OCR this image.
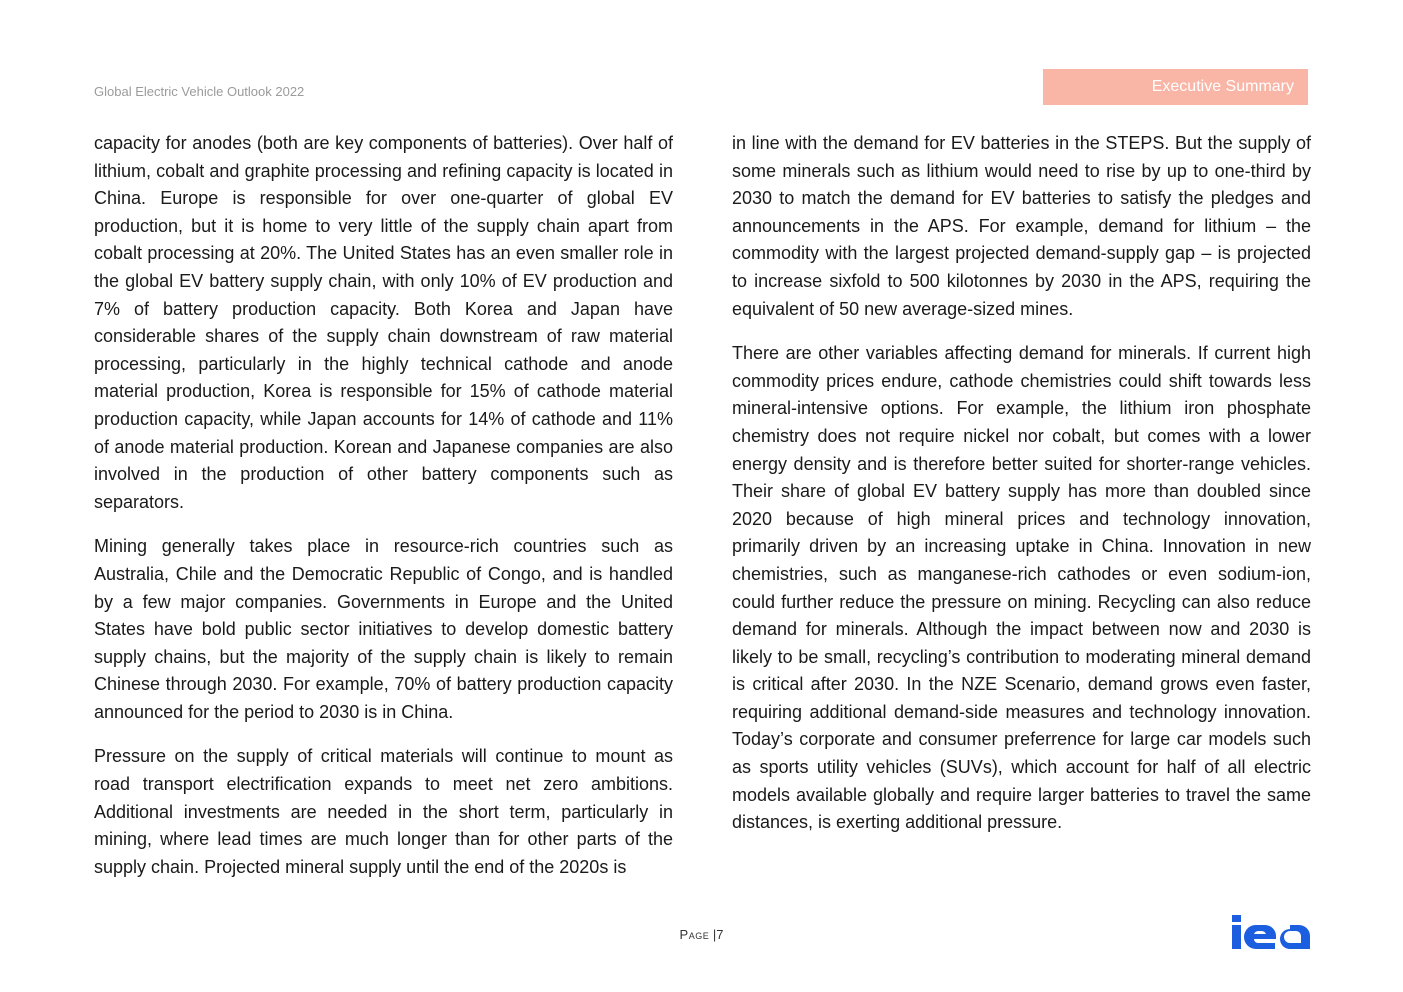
Global Electric Vehicle Outlook 2022	Executive Summary

capacity for anodes (both are key components of batteries). Over half of lithium, cobalt and graphite processing and refining capacity is located in China. Europe is responsible for over one-quarter of global EV production, but it is home to very little of the supply chain apart from cobalt processing at 20%. The United States has an even smaller role in the global EV battery supply chain, with only 10% of EV production and 7% of battery production capacity. Both Korea and Japan have considerable shares of the supply chain downstream of raw material processing, particularly in the highly technical cathode and anode material production, Korea is responsible for 15% of cathode material production capacity, while Japan accounts for 14% of cathode and 11% of anode material production. Korean and Japanese companies are also involved in the production of other battery components such as separators.

Mining generally takes place in resource-rich countries such as Australia, Chile and the Democratic Republic of Congo, and is handled by a few major companies. Governments in Europe and the United States have bold public sector initiatives to develop domestic battery supply chains, but the majority of the supply chain is likely to remain Chinese through 2030. For example, 70% of battery production capacity announced for the period to 2030 is in China.

Pressure on the supply of critical materials will continue to mount as road transport electrification expands to meet net zero ambitions. Additional investments are needed in the short term, particularly in mining, where lead times are much longer than for other parts of the supply chain. Projected mineral supply until the end of the 2020s is

in line with the demand for EV batteries in the STEPS. But the supply of some minerals such as lithium would need to rise by up to one-third by 2030 to match the demand for EV batteries to satisfy the pledges and announcements in the APS. For example, demand for lithium – the commodity with the largest projected demand-supply gap – is projected to increase sixfold to 500 kilotonnes by 2030 in the APS, requiring the equivalent of 50 new average-sized mines.

There are other variables affecting demand for minerals. If current high commodity prices endure, cathode chemistries could shift towards less mineral-intensive options. For example, the lithium iron phosphate chemistry does not require nickel nor cobalt, but comes with a lower energy density and is therefore better suited for shorter-range vehicles. Their share of global EV battery supply has more than doubled since 2020 because of high mineral prices and technology innovation, primarily driven by an increasing uptake in China. Innovation in new chemistries, such as manganese-rich cathodes or even sodium-ion, could further reduce the pressure on mining. Recycling can also reduce demand for minerals. Although the impact between now and 2030 is likely to be small, recycling’s contribution to moderating mineral demand is critical after 2030. In the NZE Scenario, demand grows even faster, requiring additional demand-side measures and technology innovation. Today’s corporate and consumer preferrence for large car models such as sports utility vehicles (SUVs), which account for half of all electric models available globally and require larger batteries to travel the same distances, is exerting additional pressure.

Page |7
